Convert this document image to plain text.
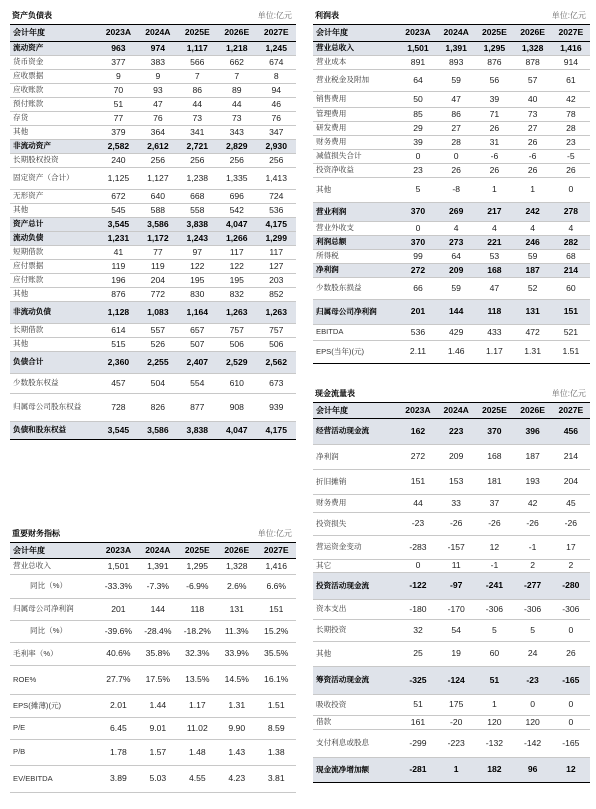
资产负债表	单位:亿元
会计年度	2023A	2024A	2025E	2026E	2027E
流动资产	963	974	1,117	1,218	1,245
货币资金	377	383	566	662	674
应收票据	9	9	7	7	8
应收账款	70	93	86	89	94
预付账款	51	47	44	44	46
存货	77	76	73	73	76
其他	379	364	341	343	347
非流动资产	2,582	2,612	2,721	2,829	2,930
长期股权投资	240	256	256	256	256
固定资产（合计）	1,125	1,127	1,238	1,335	1,413
无形资产	672	640	668	696	724
其他	545	588	558	542	536
资产总计	3,545	3,586	3,838	4,047	4,175
流动负债	1,231	1,172	1,243	1,266	1,299
短期借款	41	77	97	117	117
应付票据	119	119	122	122	127
应付账款	196	204	195	195	203
其他	876	772	830	832	852
非流动负债	1,128	1,083	1,164	1,263	1,263
长期借款	614	557	657	757	757
其他	515	526	507	506	506
负债合计	2,360	2,255	2,407	2,529	2,562
少数股东权益	457	504	554	610	673
归属母公司股东权益	728	826	877	908	939
负债和股东权益	3,545	3,586	3,838	4,047	4,175
利润表	单位:亿元
会计年度	2023A	2024A	2025E	2026E	2027E
营业总收入	1,501	1,391	1,295	1,328	1,416
营业成本	891	893	876	878	914
营业税金及附加	64	59	56	57	61
销售费用	50	47	39	40	42
管理费用	85	86	71	73	78
研发费用	29	27	26	27	28
财务费用	39	28	31	26	23
减值损失合计	0	0	-6	-6	-5
投资净收益	23	26	26	26	26
其他	5	-8	1	1	0
营业利润	370	269	217	242	278
营业外收支	0	4	4	4	4
利润总额	370	273	221	246	282
所得税	99	64	53	59	68
净利润	272	209	168	187	214
少数股东损益	66	59	47	52	60
归属母公司净利润	201	144	118	131	151
EBITDA	536	429	433	472	521
EPS(当年)(元)	2.11	1.46	1.17	1.31	1.51
重要财务指标	单位:亿元
会计年度	2023A	2024A	2025E	2026E	2027E
营业总收入	1,501	1,391	1,295	1,328	1,416
同比（%）	-33.3%	-7.3%	-6.9%	2.6%	6.6%
归属母公司净利润	201	144	118	131	151
同比（%）	-39.6%	-28.4%	-18.2%	11.3%	15.2%
毛利率（%）	40.6%	35.8%	32.3%	33.9%	35.5%
ROE%	27.7%	17.5%	13.5%	14.5%	16.1%
EPS(摊薄)(元)	2.01	1.44	1.17	1.31	1.51
P/E	6.45	9.01	11.02	9.90	8.59
P/B	1.78	1.57	1.48	1.43	1.38
EV/EBITDA	3.89	5.03	4.55	4.23	3.81
现金流量表	单位:亿元
会计年度	2023A	2024A	2025E	2026E	2027E
经营活动现金流	162	223	370	396	456
净利润	272	209	168	187	214
折旧摊销	151	153	181	193	204
财务费用	44	33	37	42	45
投资损失	-23	-26	-26	-26	-26
营运资金变动	-283	-157	12	-1	17
其它	0	11	-1	2	2
投资活动现金流	-122	-97	-241	-277	-280
资本支出	-180	-170	-306	-306	-306
长期投资	32	54	5	5	0
其他	25	19	60	24	26
筹资活动现金流	-325	-124	51	-23	-165
吸收投资	51	175	1	0	0
借款	161	-20	120	120	0
支付利息或股息	-299	-223	-132	-142	-165
现金流净增加额	-281	1	182	96	12
